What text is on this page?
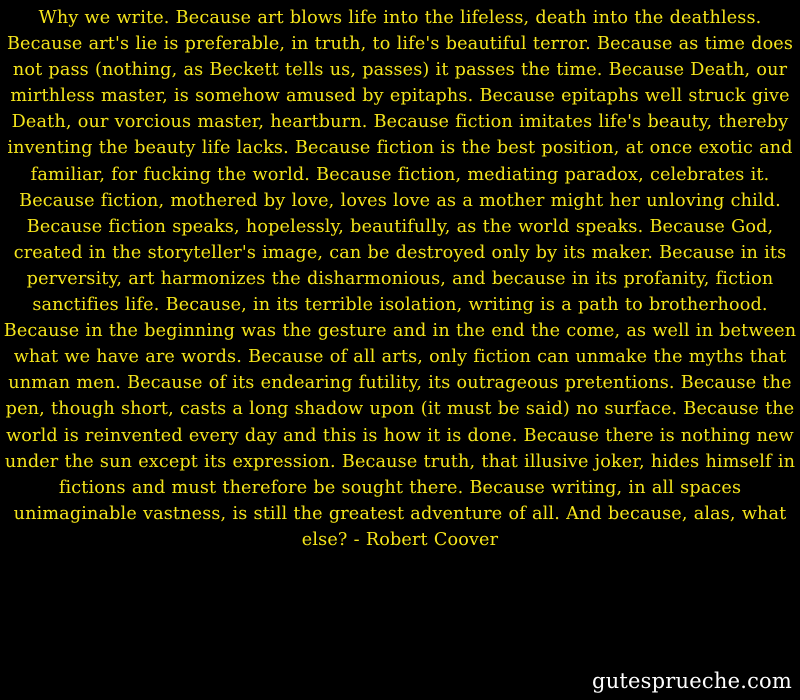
Why we write. Because art blows life into the lifeless, death into the deathless. Because art's lie is preferable, in truth, to life's beautiful terror. Because as time does not pass (nothing, as Beckett tells us, passes) it passes the time. Because Death, our mirthless master, is somehow amused by epitaphs. Because epitaphs well struck give Death, our vorcious master, heartburn. Because fiction imitates life's beauty, thereby inventing the beauty life lacks. Because fiction is the best position, at once exotic and familiar, for fucking the world. Because fiction, mediating paradox, celebrates it. Because fiction, mothered by love, loves love as a mother might her unloving child. Because fiction speaks, hopelessly, beautifully, as the world speaks. Because God, created in the storyteller's image, can be destroyed only by its maker. Because in its perversity, art harmonizes the disharmonious, and because in its profanity, fiction sanctifies life. Because, in its terrible isolation, writing is a path to brotherhood. Because in the beginning was the gesture and in the end the come, as well in between what we have are words. Because of all arts, only fiction can unmake the myths that unman men. Because of its endearing futility, its outrageous pretentions. Because the pen, though short, casts a long shadow upon (it must be said) no surface. Because the world is reinvented every day and this is how it is done. Because there is nothing new under the sun except its expression. Because truth, that illusive joker, hides himself in fictions and must therefore be sought there. Because writing, in all spaces unimaginable vastness, is still the greatest adventure of all. And because, alas, what else? - Robert Coover

gutesprueche.com
